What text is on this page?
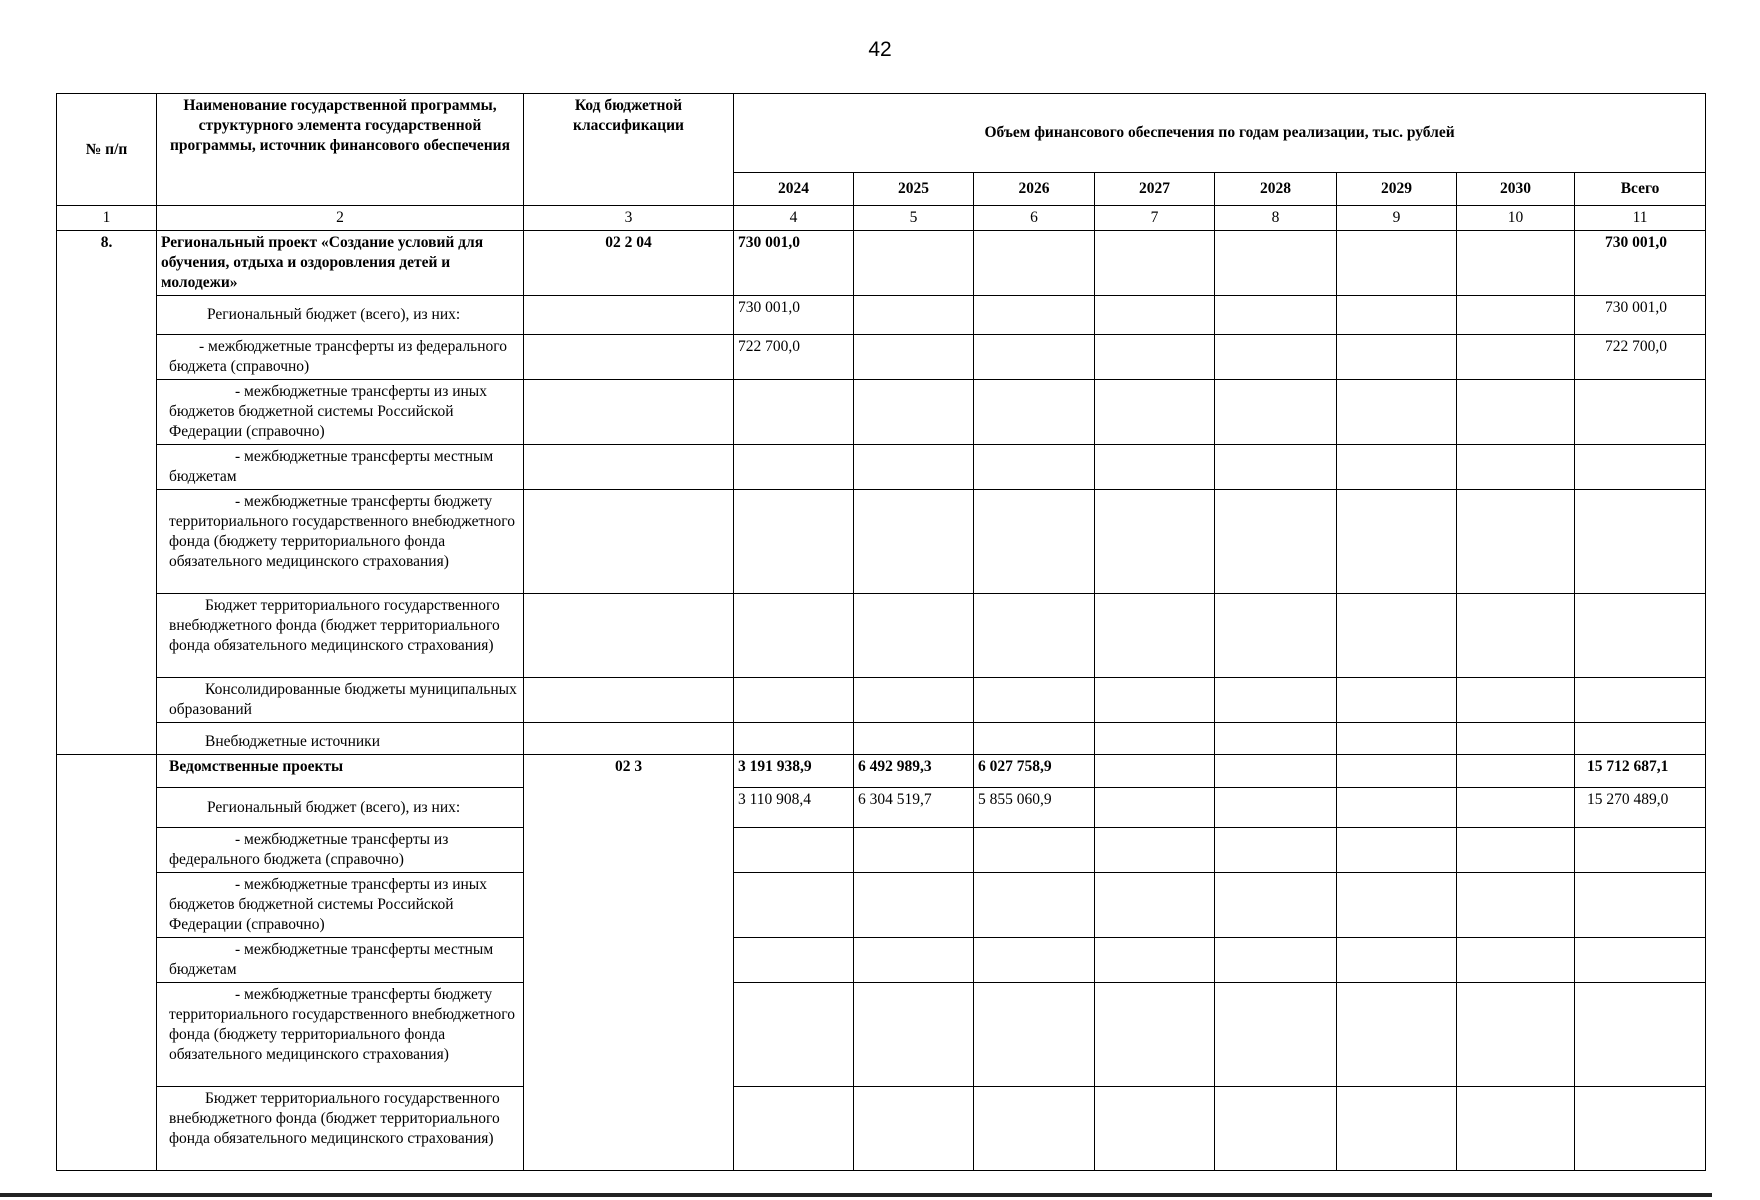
42
№ п/п	Наименование государственной программы, структурного элемента государственной программы, источник финансового обеспечения	Код бюджетной классификации	Объем финансового обеспечения по годам реализации, тыс. рублей							
			2024	2025	2026	2027	2028	2029	2030	Всего
1	2	3	4	5	6	7	8	9	10	11
8.	Региональный проект «Создание условий для обучения, отдыха и оздоровления детей и молодежи»	02 2 04	730 001,0							730 001,0
	Региональный бюджет (всего), из них:		730 001,0							730 001,0
	- межбюджетные трансферты из федерального бюджета (справочно)		722 700,0							722 700,0
	- межбюджетные трансферты из иных бюджетов бюджетной системы Российской Федерации (справочно)									
	- межбюджетные трансферты местным бюджетам									
	- межбюджетные трансферты бюджету территориального государственного внебюджетного фонда (бюджету территориального фонда обязательного медицинского страхования)									
	Бюджет территориального государственного внебюджетного фонда (бюджет территориального фонда обязательного медицинского страхования)									
	Консолидированные бюджеты муниципальных образований									
	Внебюджетные источники									
	Ведомственные проекты	02 3	3 191 938,9	6 492 989,3	6 027 758,9					15 712 687,1
	Региональный бюджет (всего), из них:		3 110 908,4	6 304 519,7	5 855 060,9					15 270 489,0
	- межбюджетные трансферты из федерального бюджета (справочно)									
	- межбюджетные трансферты из иных бюджетов бюджетной системы Российской Федерации (справочно)									
	- межбюджетные трансферты местным бюджетам									
	- межбюджетные трансферты бюджету территориального государственного внебюджетного фонда (бюджету территориального фонда обязательного медицинского страхования)									
	Бюджет территориального государственного внебюджетного фонда (бюджет территориального фонда обязательного медицинского страхования)									
